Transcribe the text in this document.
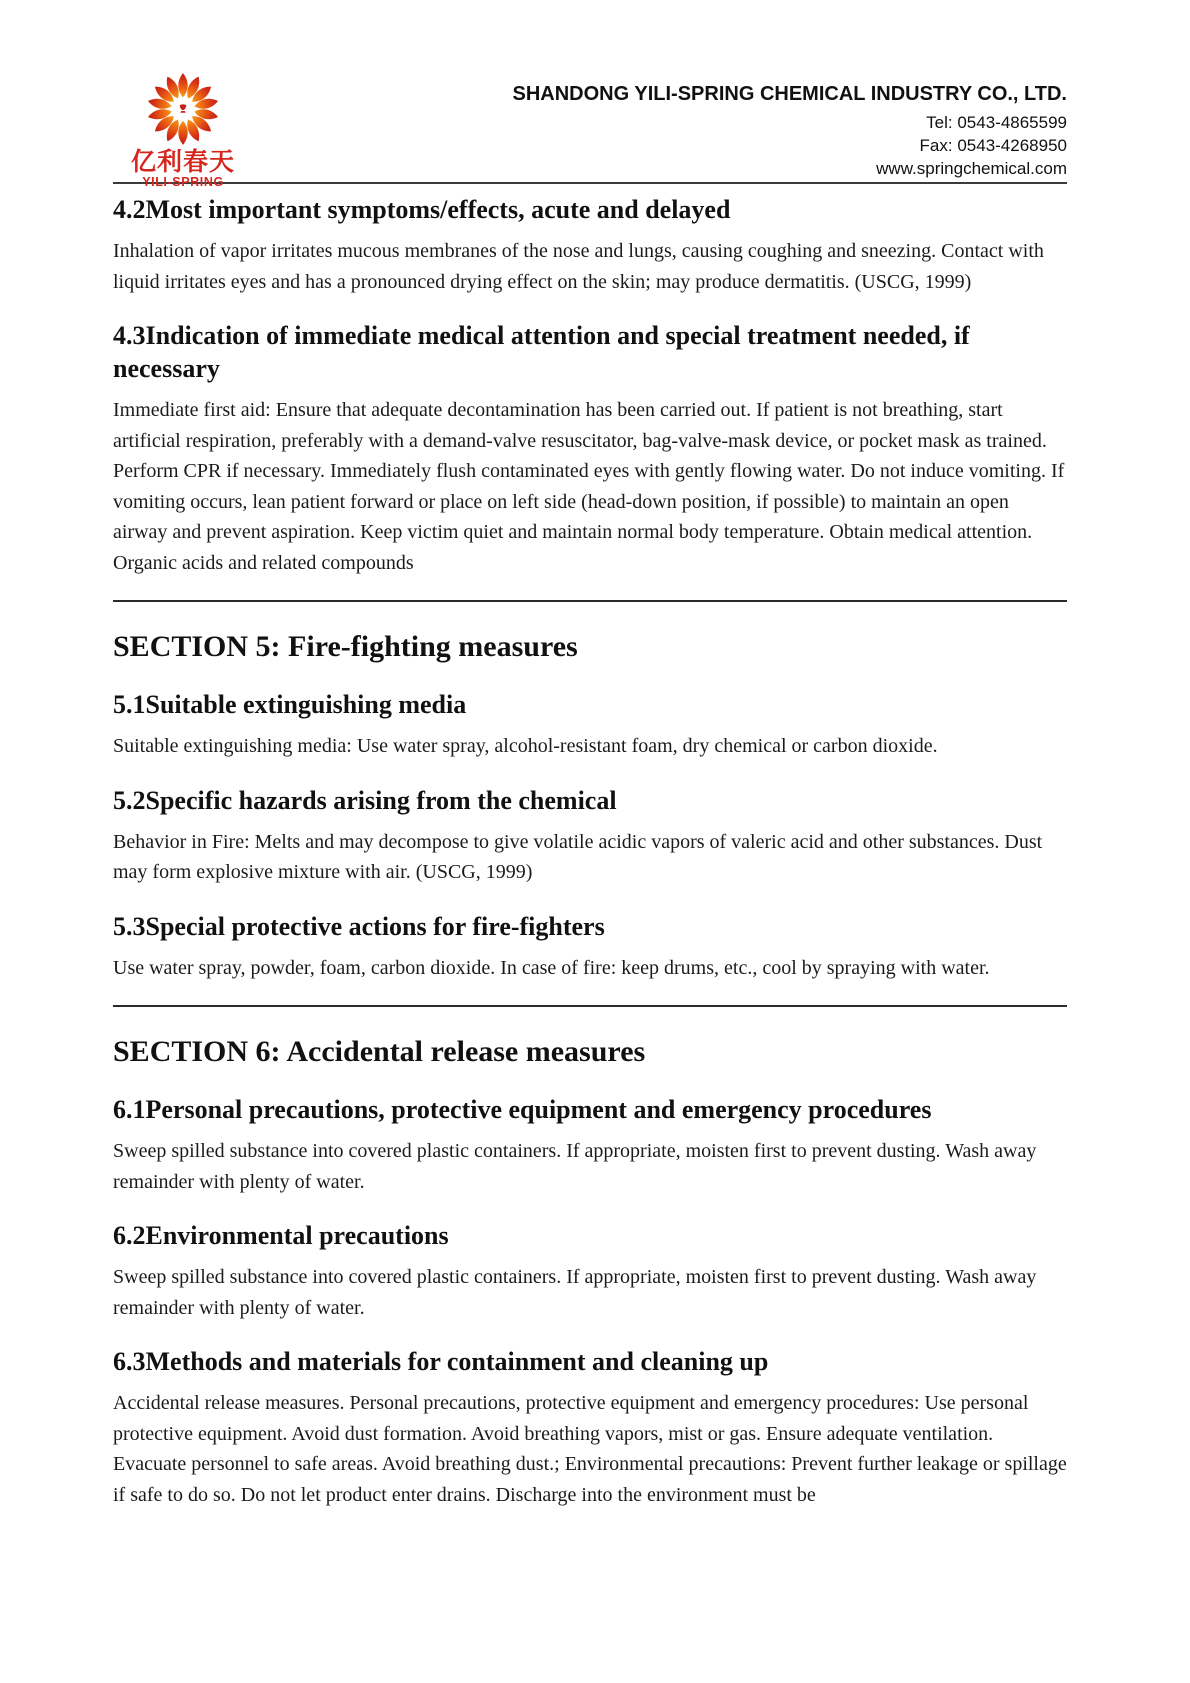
亿利春天
YILI-SPRING
SHANDONG YILI-SPRING CHEMICAL INDUSTRY CO., LTD.
Tel: 0543-4865599
Fax: 0543-4268950
www.springchemical.com
4.2Most important symptoms/effects, acute and delayed

Inhalation of vapor irritates mucous membranes of the nose and lungs, causing coughing and sneezing. Contact with liquid irritates eyes and has a pronounced drying effect on the skin; may produce dermatitis. (USCG, 1999)

4.3Indication of immediate medical attention and special treatment needed, if necessary

Immediate first aid: Ensure that adequate decontamination has been carried out. If patient is not breathing, start artificial respiration, preferably with a demand-valve resuscitator, bag-valve-mask device, or pocket mask as trained. Perform CPR if necessary. Immediately flush contaminated eyes with gently flowing water. Do not induce vomiting. If vomiting occurs, lean patient forward or place on left side (head-down position, if possible) to maintain an open airway and prevent aspiration. Keep victim quiet and maintain normal body temperature. Obtain medical attention. Organic acids and related compounds

SECTION 5: Fire-fighting measures
5.1Suitable extinguishing media

Suitable extinguishing media: Use water spray, alcohol-resistant foam, dry chemical or carbon dioxide.

5.2Specific hazards arising from the chemical

Behavior in Fire: Melts and may decompose to give volatile acidic vapors of valeric acid and other substances. Dust may form explosive mixture with air. (USCG, 1999)

5.3Special protective actions for fire-fighters

Use water spray, powder, foam, carbon dioxide. In case of fire: keep drums, etc., cool by spraying with water.

SECTION 6: Accidental release measures
6.1Personal precautions, protective equipment and emergency procedures

Sweep spilled substance into covered plastic containers. If appropriate, moisten first to prevent dusting. Wash away remainder with plenty of water.

6.2Environmental precautions

Sweep spilled substance into covered plastic containers. If appropriate, moisten first to prevent dusting. Wash away remainder with plenty of water.

6.3Methods and materials for containment and cleaning up

Accidental release measures. Personal precautions, protective equipment and emergency procedures: Use personal protective equipment. Avoid dust formation. Avoid breathing vapors, mist or gas. Ensure adequate ventilation. Evacuate personnel to safe areas. Avoid breathing dust.; Environmental precautions: Prevent further leakage or spillage if safe to do so. Do not let product enter drains. Discharge into the environment must be
